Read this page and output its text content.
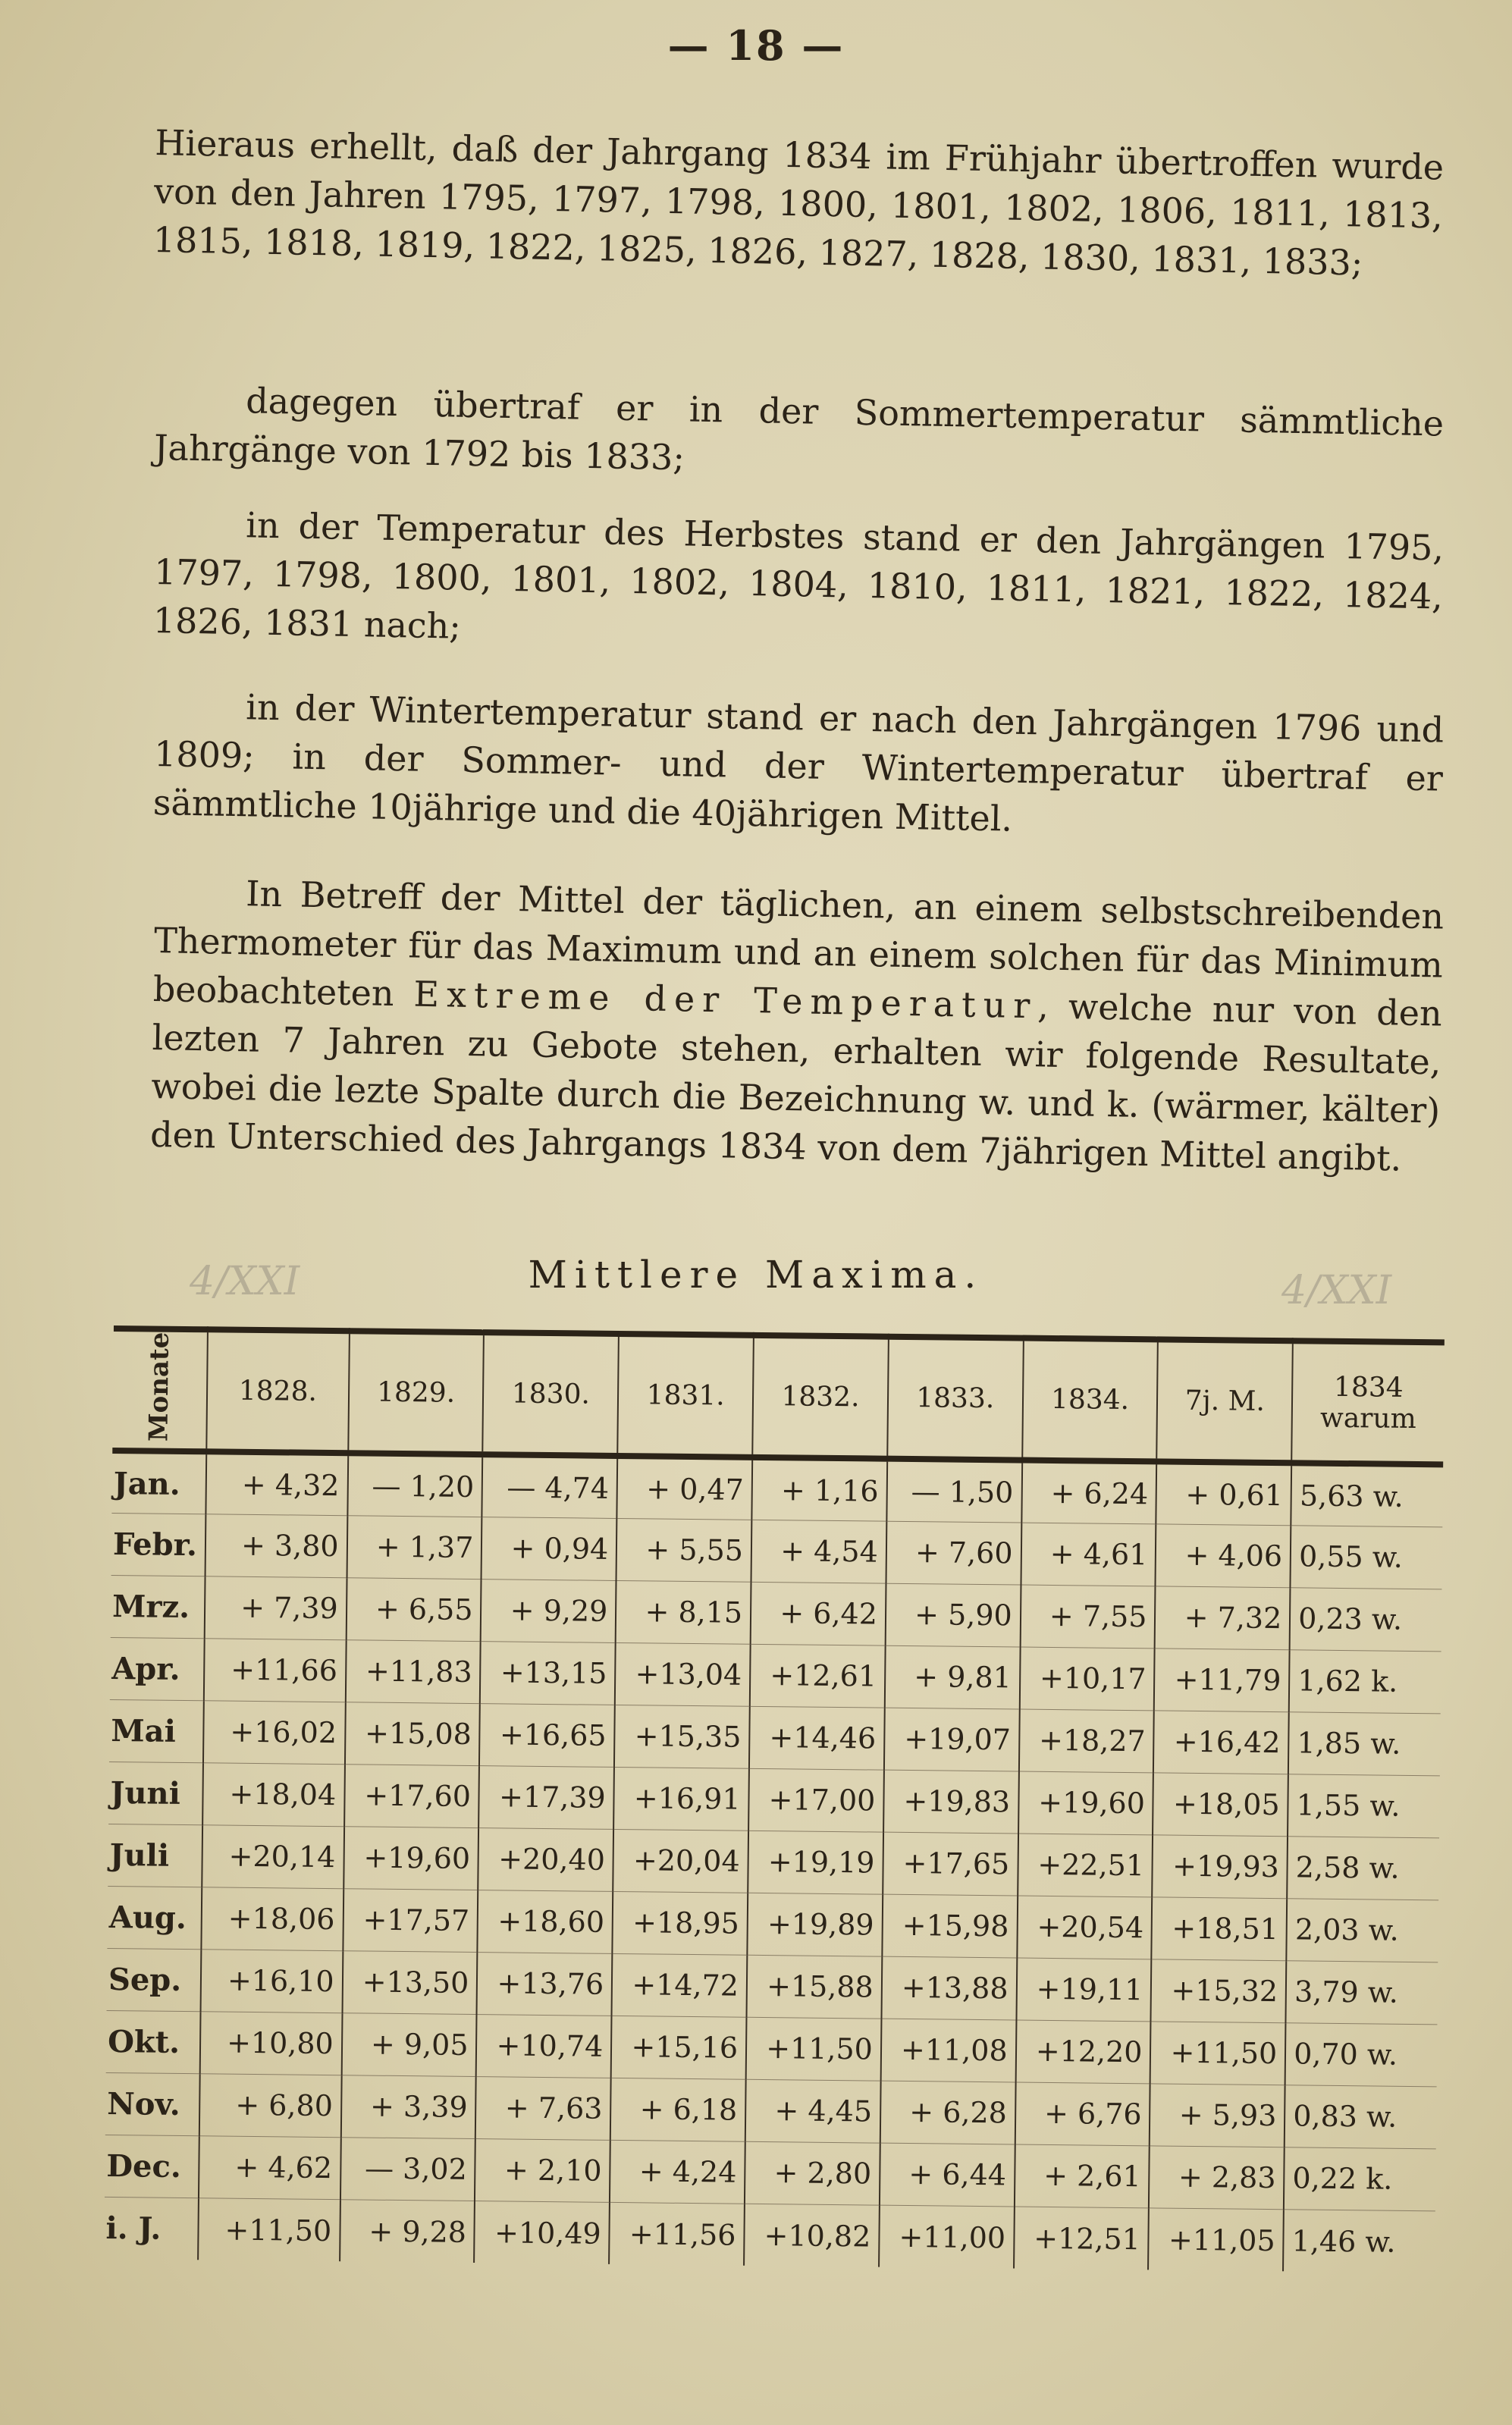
— 18 —

Hieraus erhellt, daß der Jahrgang 1834 im Frühjahr übertroffen wurde von den Jahren 1795, 1797, 1798, 1800, 1801, 1802, 1806, 1811, 1813, 1815, 1818, 1819, 1822, 1825, 1826, 1827, 1828, 1830, 1831, 1833;

dagegen übertraf er in der Sommertemperatur sämmtliche Jahrgänge von 1792 bis 1833;

in der Temperatur des Herbstes stand er den Jahrgängen 1795, 1797, 1798, 1800, 1801, 1802, 1804, 1810, 1811, 1821, 1822, 1824, 1826, 1831 nach;

in der Wintertemperatur stand er nach den Jahrgängen 1796 und 1809; in der Sommer- und der Wintertemperatur übertraf er sämmtliche 10jährige und die 40jährigen Mittel.

In Betreff der Mittel der täglichen, an einem selbstschreibenden Thermometer für das Maximum und an einem solchen für das Minimum beobachteten Extreme der Temperatur, welche nur von den lezten 7 Jahren zu Gebote stehen, erhalten wir folgende Resultate, wobei die lezte Spalte durch die Bezeichnung w. und k. (wärmer, kälter) den Unterschied des Jahrgangs 1834 von dem 7jährigen Mittel angibt.

4/XXI	4/XXI
Mittlere Maxima.
Monate	1828.	1829.	1830.	1831.	1832.	1833.	1834.	7j. M.	1834 warum
Jan.	+ 4,32	— 1,20	— 4,74	+ 0,47	+ 1,16	— 1,50	+ 6,24	+ 0,61	5,63 w.
Febr.	+ 3,80	+ 1,37	+ 0,94	+ 5,55	+ 4,54	+ 7,60	+ 4,61	+ 4,06	0,55 w.
Mrz.	+ 7,39	+ 6,55	+ 9,29	+ 8,15	+ 6,42	+ 5,90	+ 7,55	+ 7,32	0,23 w.
Apr.	+11,66	+11,83	+13,15	+13,04	+12,61	+ 9,81	+10,17	+11,79	1,62 k.
Mai	+16,02	+15,08	+16,65	+15,35	+14,46	+19,07	+18,27	+16,42	1,85 w.
Juni	+18,04	+17,60	+17,39	+16,91	+17,00	+19,83	+19,60	+18,05	1,55 w.
Juli	+20,14	+19,60	+20,40	+20,04	+19,19	+17,65	+22,51	+19,93	2,58 w.
Aug.	+18,06	+17,57	+18,60	+18,95	+19,89	+15,98	+20,54	+18,51	2,03 w.
Sep.	+16,10	+13,50	+13,76	+14,72	+15,88	+13,88	+19,11	+15,32	3,79 w.
Okt.	+10,80	+ 9,05	+10,74	+15,16	+11,50	+11,08	+12,20	+11,50	0,70 w.
Nov.	+ 6,80	+ 3,39	+ 7,63	+ 6,18	+ 4,45	+ 6,28	+ 6,76	+ 5,93	0,83 w.
Dec.	+ 4,62	— 3,02	+ 2,10	+ 4,24	+ 2,80	+ 6,44	+ 2,61	+ 2,83	0,22 k.
i. J.	+11,50	+ 9,28	+10,49	+11,56	+10,82	+11,00	+12,51	+11,05	1,46 w.
